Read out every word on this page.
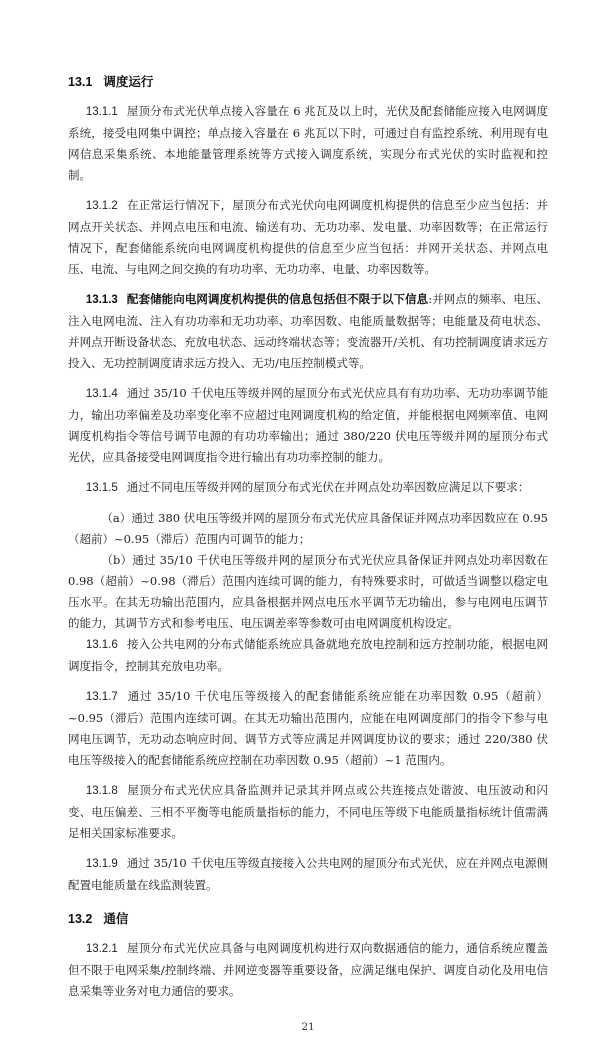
13.1 调度运行

13.1.1 屋顶分布式光伏单点接入容量在 6 兆瓦及以上时，光伏及配套储能应接入电网调度系统，接受电网集中调控；单点接入容量在 6 兆瓦以下时，可通过自有监控系统、利用现有电网信息采集系统、本地能量管理系统等方式接入调度系统，实现分布式光伏的实时监视和控制。

13.1.2 在正常运行情况下，屋顶分布式光伏向电网调度机构提供的信息至少应当包括：并网点开关状态、并网点电压和电流、输送有功、无功功率、发电量、功率因数等；在正常运行情况下，配套储能系统向电网调度机构提供的信息至少应当包括：并网开关状态、并网点电压、电流、与电网之间交换的有功功率、无功功率、电量、功率因数等。

13.1.3 配套储能向电网调度机构提供的信息包括但不限于以下信息:并网点的频率、电压、注入电网电流、注入有功功率和无功功率、功率因数、电能质量数据等；电能量及荷电状态、并网点开断设备状态、充放电状态、远动终端状态等；变流器开/关机、有功控制调度请求远方投入、无功控制调度请求远方投入、无功/电压控制模式等。

13.1.4 通过 35/10 千伏电压等级并网的屋顶分布式光伏应具有有功功率、无功功率调节能力，输出功率偏差及功率变化率不应超过电网调度机构的给定值，并能根据电网频率值、电网调度机构指令等信号调节电源的有功功率输出；通过 380/220 伏电压等级并网的屋顶分布式光伏，应具备接受电网调度指令进行输出有功功率控制的能力。

13.1.5 通过不同电压等级并网的屋顶分布式光伏在并网点处功率因数应满足以下要求：

（a）通过 380 伏电压等级并网的屋顶分布式光伏应具备保证并网点功率因数应在 0.95（超前）~0.95（滞后）范围内可调节的能力；

（b）通过 35/10 千伏电压等级并网的屋顶分布式光伏应具备保证并网点处功率因数在 0.98（超前）~0.98（滞后）范围内连续可调的能力，有特殊要求时，可做适当调整以稳定电压水平。在其无功输出范围内，应具备根据并网点电压水平调节无功输出，参与电网电压调节的能力，其调节方式和参考电压、电压调差率等参数可由电网调度机构设定。

13.1.6 接入公共电网的分布式储能系统应具备就地充放电控制和远方控制功能，根据电网调度指令，控制其充放电功率。

13.1.7 通过 35/10 千伏电压等级接入的配套储能系统应能在功率因数 0.95（超前）~0.95（滞后）范围内连续可调。在其无功输出范围内，应能在电网调度部门的指令下参与电网电压调节，无功动态响应时间、调节方式等应满足并网调度协议的要求；通过 220/380 伏电压等级接入的配套储能系统应控制在功率因数 0.95（超前）~1 范围内。

13.1.8 屋顶分布式光伏应具备监测并记录其并网点或公共连接点处谐波、电压波动和闪变、电压偏差、三相不平衡等电能质量指标的能力，不同电压等级下电能质量指标统计值需满足相关国家标准要求。

13.1.9 通过 35/10 千伏电压等级直接接入公共电网的屋顶分布式光伏，应在并网点电源侧配置电能质量在线监测装置。

13.2 通信

13.2.1 屋顶分布式光伏应具备与电网调度机构进行双向数据通信的能力，通信系统应覆盖但不限于电网采集/控制终端、并网逆变器等重要设备，应满足继电保护、调度自动化及用电信息采集等业务对电力通信的要求。

21
